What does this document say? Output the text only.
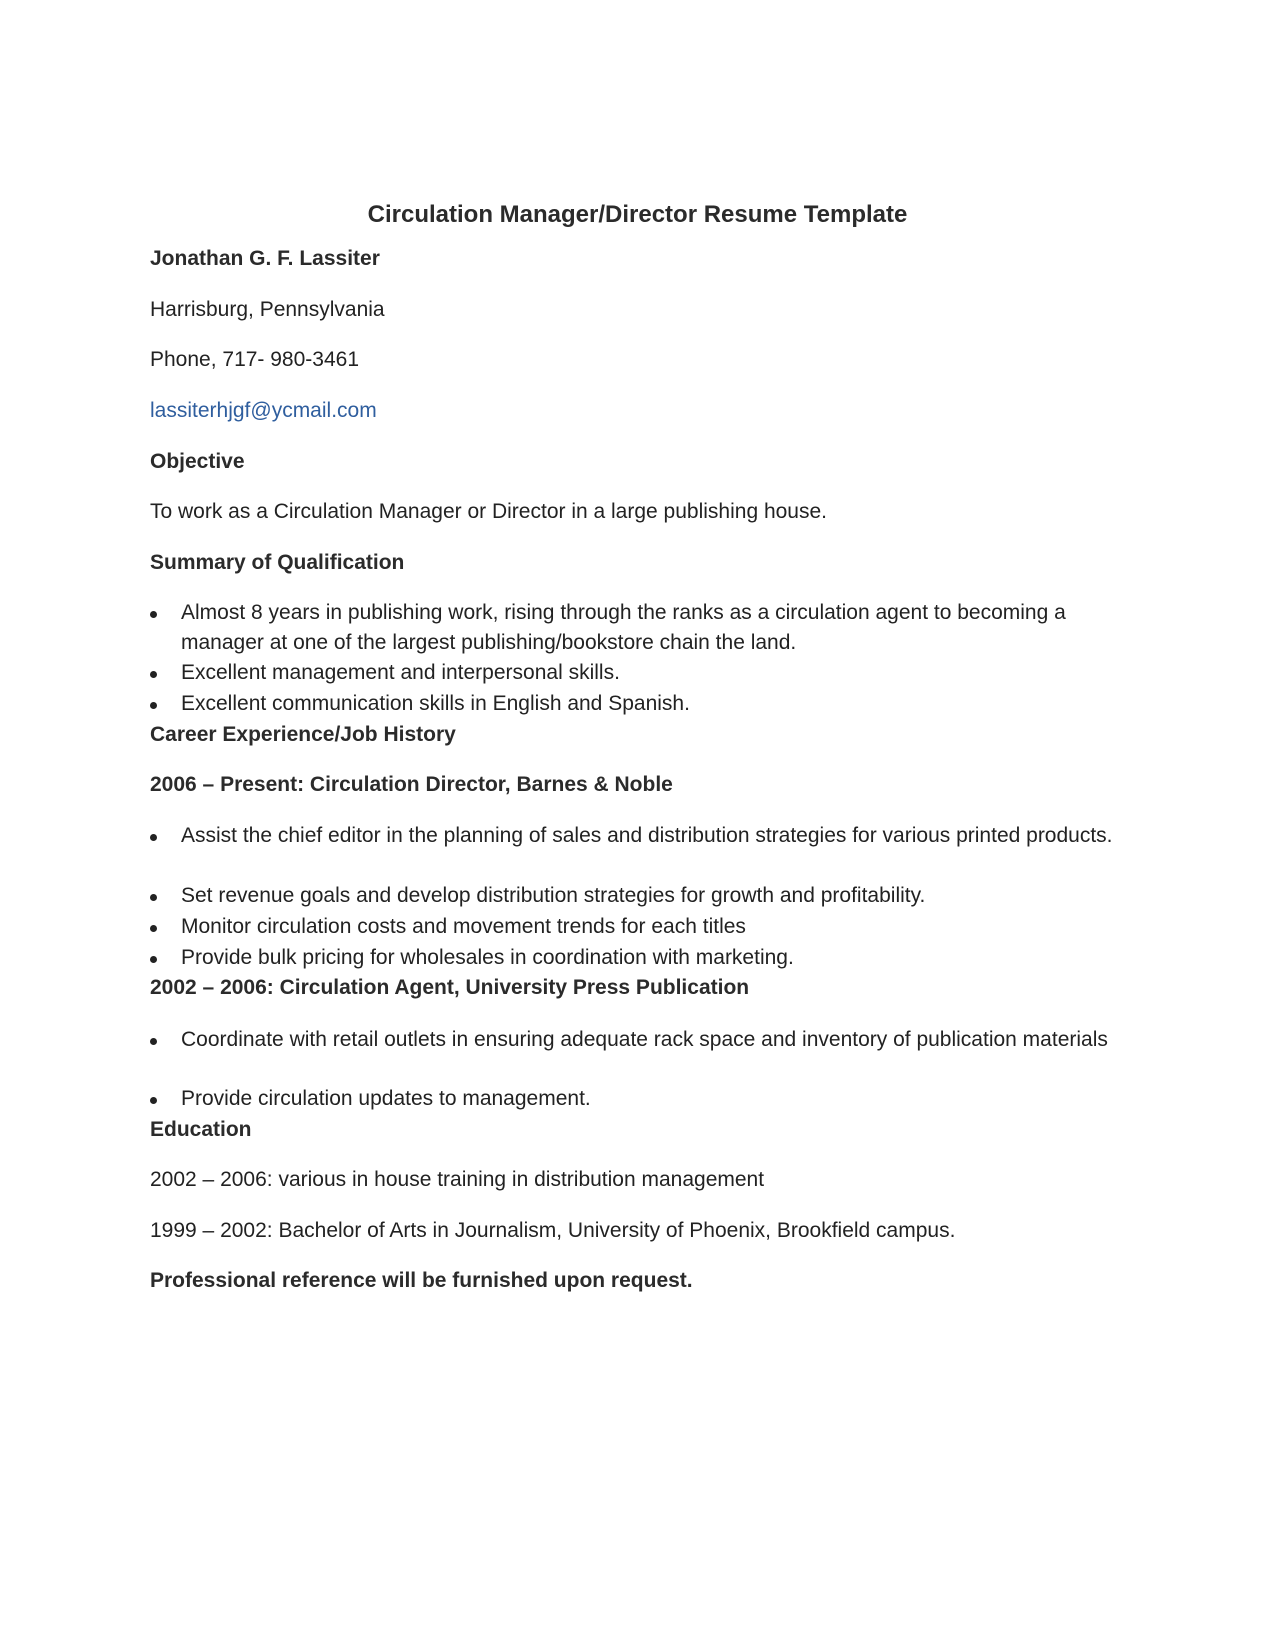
Circulation Manager/Director Resume Template
Jonathan G. F. Lassiter
Harrisburg, Pennsylvania
Phone, 717- 980-3461
lassiterhjgf@ycmail.com
Objective
To work as a Circulation Manager or Director in a large publishing house.
Summary of Qualification
Almost 8 years in publishing work, rising through the ranks as a circulation agent to becoming a manager at one of the largest publishing/bookstore chain the land.
Excellent management and interpersonal skills.
Excellent communication skills in English and Spanish.
Career Experience/Job History
2006 – Present: Circulation Director, Barnes & Noble
Assist the chief editor in the planning of sales and distribution strategies for various printed products.
Set revenue goals and develop distribution strategies for growth and profitability.
Monitor circulation costs and movement trends for each titles
Provide bulk pricing for wholesales in coordination with marketing.
2002 – 2006: Circulation Agent, University Press Publication
Coordinate with retail outlets in ensuring adequate rack space and inventory of publication materials
Provide circulation updates to management.
Education
2002 – 2006: various in house training in distribution management
1999 – 2002: Bachelor of Arts in Journalism, University of Phoenix, Brookfield campus.
Professional reference will be furnished upon request.
